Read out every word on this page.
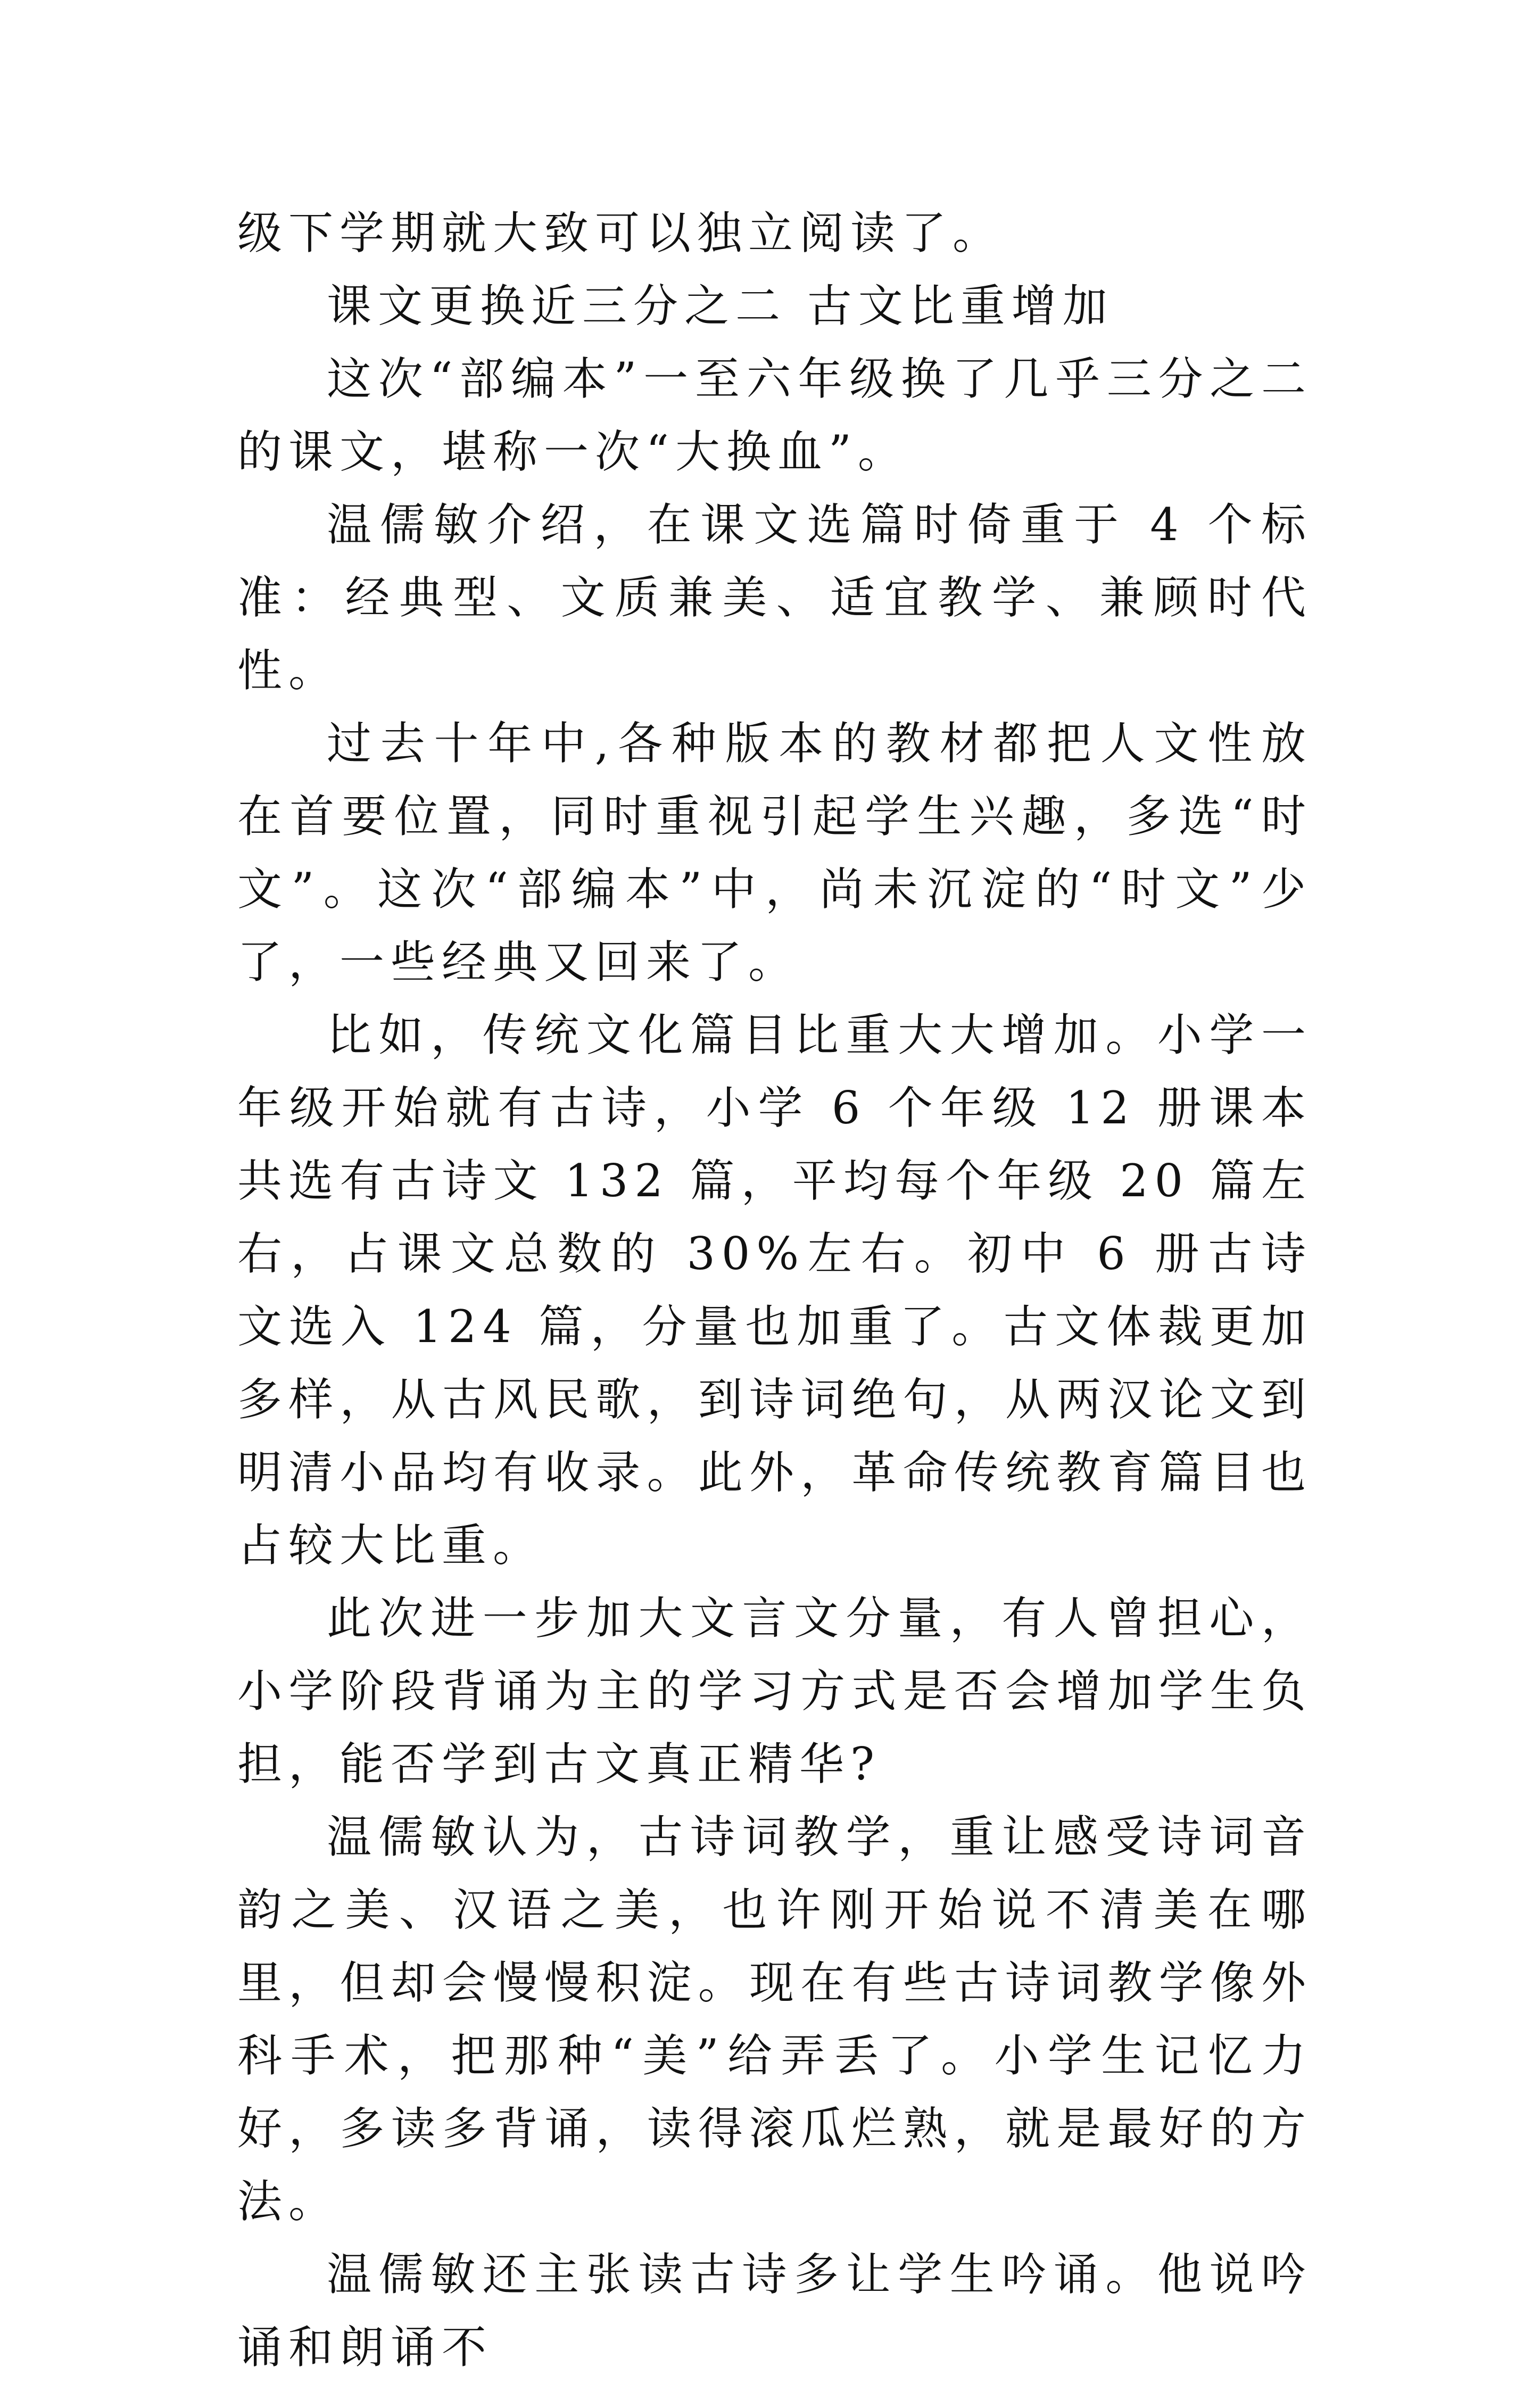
级下学期就大致可以独立阅读了。

课文更换近三分之二 古文比重增加

这次“部编本”一至六年级换了几乎三分之二的课文，堪称一次“大换血”。

温儒敏介绍，在课文选篇时倚重于 4 个标准：经典型、文质兼美、适宜教学、兼顾时代性。

过去十年中,各种版本的教材都把人文性放在首要位置，同时重视引起学生兴趣，多选“时文”。这次“部编本”中，尚未沉淀的“时文”少了，一些经典又回来了。

比如，传统文化篇目比重大大增加。小学一年级开始就有古诗，小学 6 个年级 12 册课本共选有古诗文 132 篇，平均每个年级 20 篇左右，占课文总数的 30%左右。初中 6 册古诗文选入 124 篇，分量也加重了。古文体裁更加多样，从古风民歌，到诗词绝句，从两汉论文到明清小品均有收录。此外，革命传统教育篇目也占较大比重。

此次进一步加大文言文分量，有人曾担心，小学阶段背诵为主的学习方式是否会增加学生负担，能否学到古文真正精华?

温儒敏认为，古诗词教学，重让感受诗词音韵之美、汉语之美，也许刚开始说不清美在哪里，但却会慢慢积淀。现在有些古诗词教学像外科手术，把那种“美”给弄丢了。小学生记忆力好，多读多背诵，读得滚瓜烂熟，就是最好的方法。

温儒敏还主张读古诗多让学生吟诵。他说吟诵和朗诵不
